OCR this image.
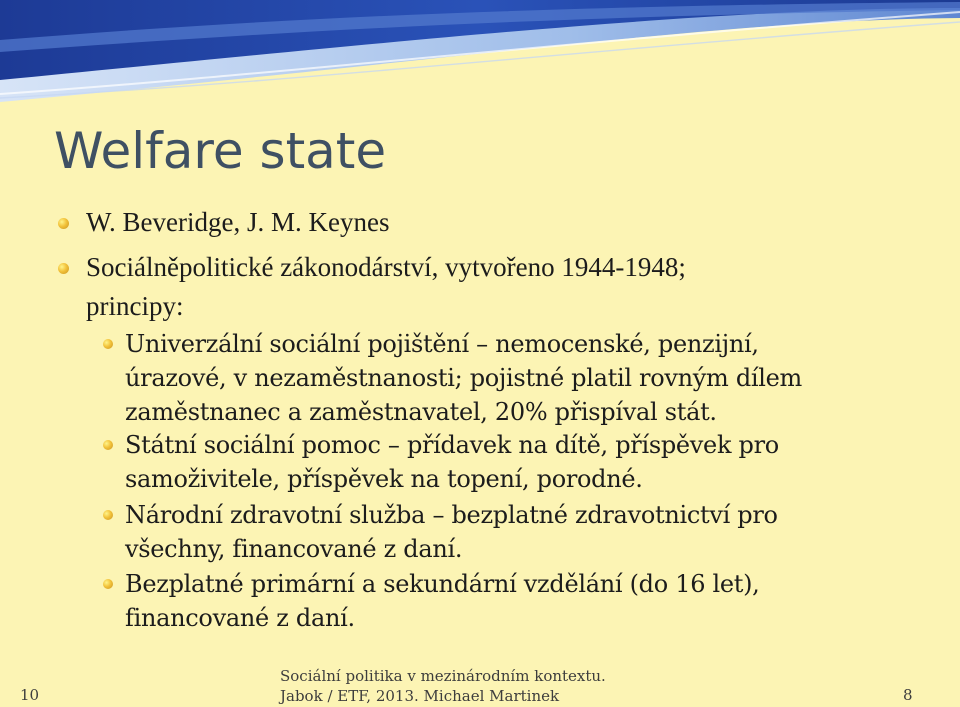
Welfare state
W. Beveridge, J. M. Keynes
Sociálněpolitické zákonodárství, vytvořeno 1944-1948;
principy:
Univerzální sociální pojištění – nemocenské, penzijní,
úrazové, v nezaměstnanosti; pojistné platil rovným dílem
zaměstnanec a zaměstnavatel, 20% přispíval stát.
Státní sociální pomoc – přídavek na dítě, příspěvek pro
samoživitele, příspěvek na topení, porodné.
Národní zdravotní služba – bezplatné zdravotnictví pro
všechny, financované z daní.
Bezplatné primární a sekundární vzdělání (do 16 let),
financované z daní.
10
Sociální politika v mezinárodním kontextu.
Jabok / ETF, 2013. Michael Martinek	8
